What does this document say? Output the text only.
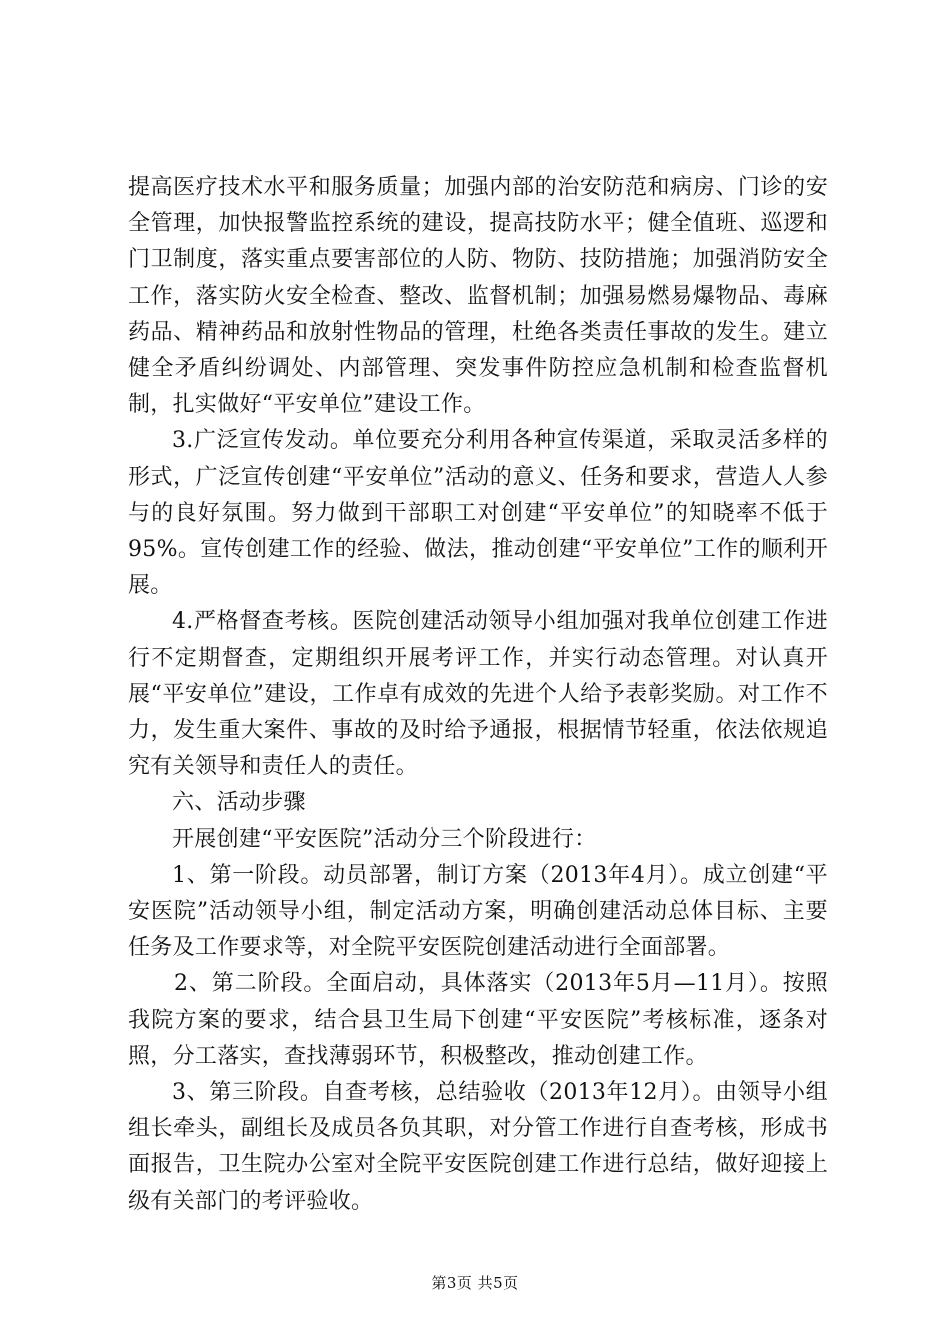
提高医疗技术水平和服务质量；加强内部的治安防范和病房、门诊的安全管理，加快报警监控系统的建设，提高技防水平；健全值班、巡逻和门卫制度，落实重点要害部位的人防、物防、技防措施；加强消防安全工作，落实防火安全检查、整改、监督机制；加强易燃易爆物品、毒麻药品、精神药品和放射性物品的管理，杜绝各类责任事故的发生。建立健全矛盾纠纷调处、内部管理、突发事件防控应急机制和检查监督机制，扎实做好“平安单位”建设工作。

3.广泛宣传发动。单位要充分利用各种宣传渠道，采取灵活多样的形式，广泛宣传创建“平安单位”活动的意义、任务和要求，营造人人参与的良好氛围。努力做到干部职工对创建“平安单位”的知晓率不低于95%。宣传创建工作的经验、做法，推动创建“平安单位”工作的顺利开展。

4.严格督查考核。医院创建活动领导小组加强对我单位创建工作进行不定期督查，定期组织开展考评工作，并实行动态管理。对认真开展“平安单位”建设，工作卓有成效的先进个人给予表彰奖励。对工作不力，发生重大案件、事故的及时给予通报，根据情节轻重，依法依规追究有关领导和责任人的责任。

六、活动步骤

开展创建“平安医院”活动分三个阶段进行：

1、第一阶段。动员部署，制订方案（2013年4月）。成立创建“平安医院”活动领导小组，制定活动方案，明确创建活动总体目标、主要任务及工作要求等，对全院平安医院创建活动进行全面部署。

2、第二阶段。全面启动，具体落实（2013年5月—11月）。按照我院方案的要求，结合县卫生局下创建“平安医院”考核标准，逐条对照，分工落实，查找薄弱环节，积极整改，推动创建工作。

3、第三阶段。自查考核，总结验收（2013年12月）。由领导小组组长牵头，副组长及成员各负其职，对分管工作进行自查考核，形成书面报告，卫生院办公室对全院平安医院创建工作进行总结，做好迎接上级有关部门的考评验收。

第3页 共5页
